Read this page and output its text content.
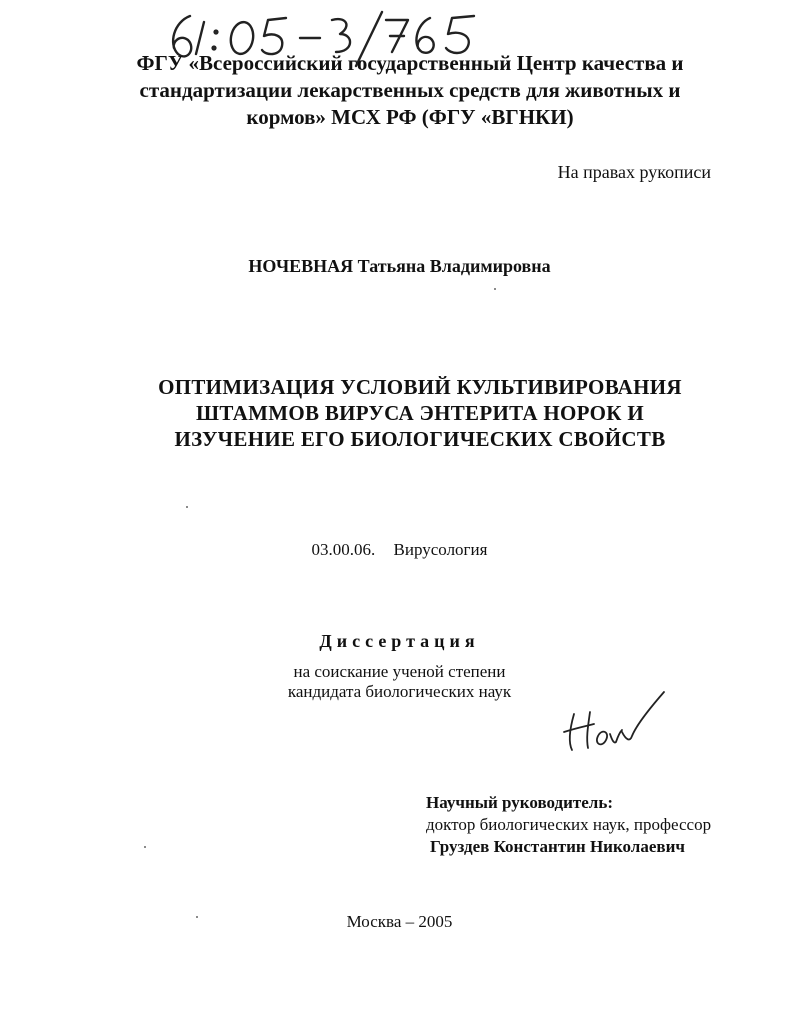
ФГУ «Всероссийский государственный Центр качества и
стандартизации лекарственных средств для животных и
кормов» МСХ РФ (ФГУ «ВГНКИ)
На правах рукописи
НОЧЕВНАЯ Татьяна Владимировна
ОПТИМИЗАЦИЯ УСЛОВИЙ КУЛЬТИВИРОВАНИЯ
ШТАММОВ ВИРУСА ЭНТЕРИТА НОРОК И
ИЗУЧЕНИЕ ЕГО БИОЛОГИЧЕСКИХ СВОЙСТВ
03.00.06. Вирусология
Диссертация
на соискание ученой степени
кандидата биологических наук
Научный руководитель:
доктор биологических наук, профессор
Груздев Константин Николаевич
Москва – 2005
